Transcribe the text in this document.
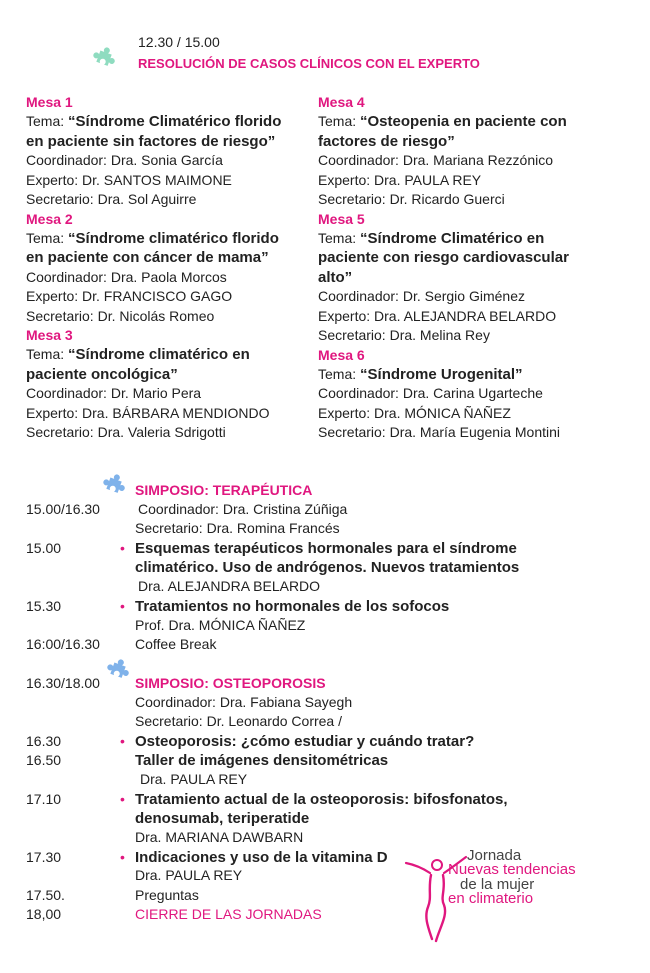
12.30 / 15.00
RESOLUCIÓN DE CASOS CLÍNICOS CON EL EXPERTO
Mesa 1
Tema: “Síndrome Climatérico florido
en paciente sin factores de riesgo”
Coordinador: Dra. Sonia García
Experto: Dr. SANTOS MAIMONE
Secretario: Dra. Sol Aguirre
Mesa 2
Tema: “Síndrome climatérico florido
en paciente con cáncer de mama”
Coordinador: Dra. Paola Morcos
Experto: Dr. FRANCISCO GAGO
Secretario: Dr. Nicolás Romeo
Mesa 3
Tema: “Síndrome climatérico en
paciente oncológica”
Coordinador: Dr. Mario Pera
Experto: Dra. BÁRBARA MENDIONDO
Secretario: Dra. Valeria Sdrigotti
Mesa 4
Tema: “Osteopenia en paciente con
factores de riesgo”
Coordinador: Dra. Mariana Rezzónico
Experto: Dra. PAULA REY
Secretario: Dr. Ricardo Guerci
Mesa 5
Tema: “Síndrome Climatérico en
paciente con riesgo cardiovascular
alto”
Coordinador: Dr. Sergio Giménez
Experto: Dra. ALEJANDRA BELARDO
Secretario: Dra. Melina Rey
Mesa 6
Tema: “Síndrome Urogenital”
Coordinador: Dra. Carina Ugarteche
Experto: Dra. MÓNICA ÑAÑEZ
Secretario: Dra. María Eugenia Montini
SIMPOSIO: TERAPÉUTICA
15.00/16.30	Coordinador: Dra. Cristina Zúñiga
Secretario: Dra. Romina Francés
15.00	• Esquemas terapéuticos hormonales para el síndrome
climatérico. Uso de andrógenos. Nuevos tratamientos
Dra. ALEJANDRA BELARDO
15.30	• Tratamientos no hormonales de los sofocos
Prof. Dra. MÓNICA ÑAÑEZ
16:00/16.30	Coffee Break
16.30/18.00	SIMPOSIO: OSTEOPOROSIS
Coordinador: Dra. Fabiana Sayegh
Secretario: Dr. Leonardo Correa /
16.30	• Osteoporosis: ¿cómo estudiar y cuándo tratar?
16.50	Taller de imágenes densitométricas
Dra. PAULA REY
17.10	• Tratamiento actual de la osteoporosis: bifosfonatos,
denosumab, teriperatide
Dra. MARIANA DAWBARN
17.30	• Indicaciones y uso de la vitamina D
Dra. PAULA REY
17.50.	Preguntas
18,00	CIERRE DE LAS JORNADAS
Jornada
Nuevas tendencias
de la mujer
en climaterio
